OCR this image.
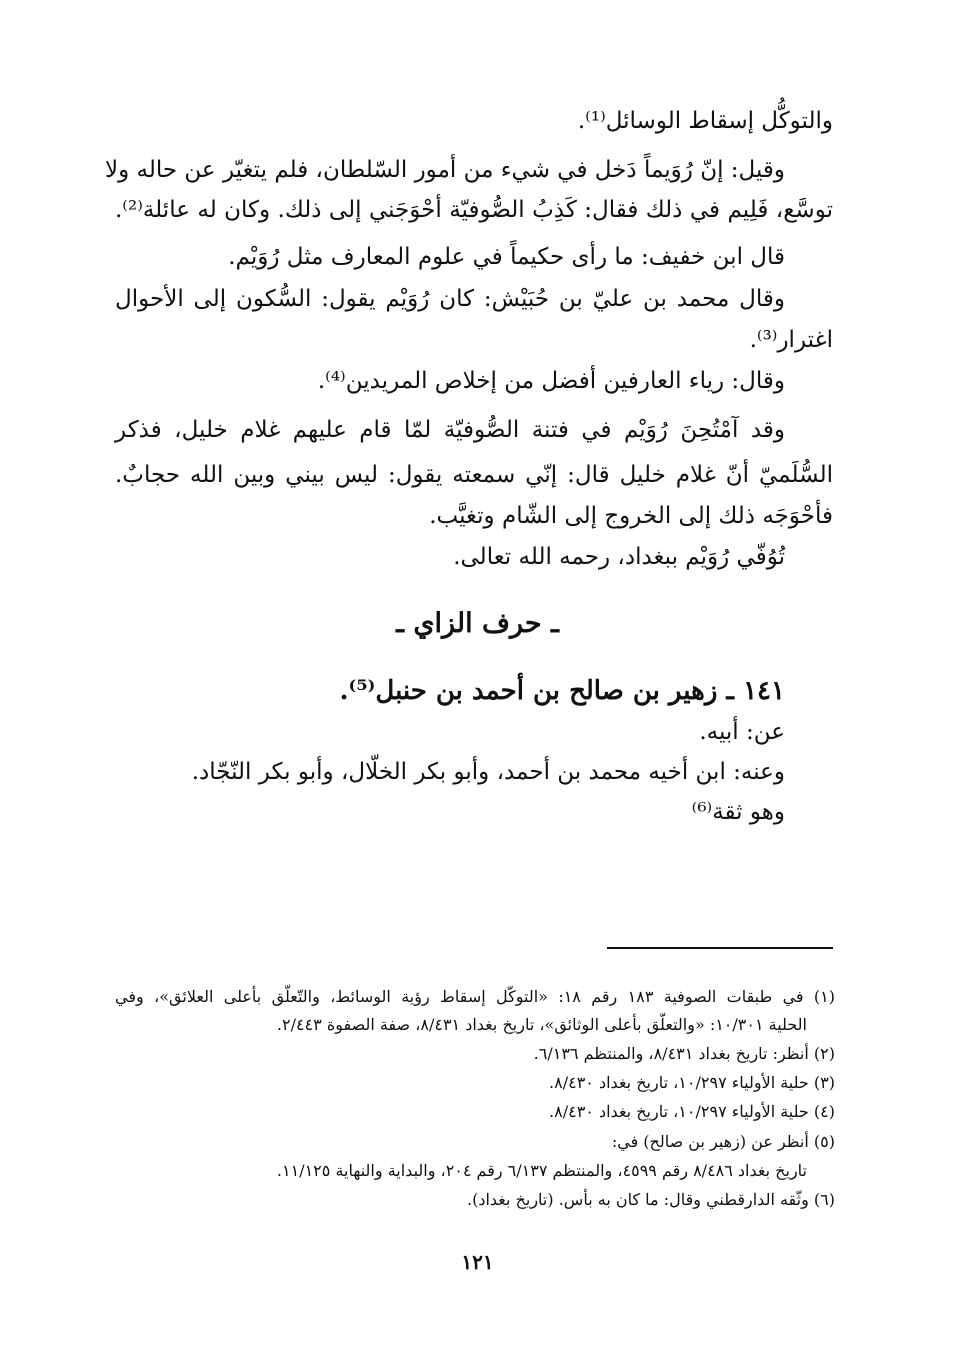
والتوكُّل إسقاط الوسائل⁽¹⁾.
وقيل: إنّ رُوَيماً دَخل في شيء من أمور السّلطان، فلم يتغيّر عن حاله ولا
توسَّع، فَلِيم في ذلك فقال: كَذِبُ الصُّوفيّة أحْوَجَني إلى ذلك. وكان له عائلة⁽²⁾.
قال ابن خفيف: ما رأى حكيماً في علوم المعارف مثل رُوَيْم.
وقال محمد بن عليّ بن حُبَيْش: كان رُوَيْم يقول: السُّكون إلى الأحوال
اغترار⁽³⁾.
وقال: رياء العارفين أفضل من إخلاص المريدين⁽⁴⁾.
وقد آمْتُحِنَ رُوَيْم في فتنة الصُّوفيّة لمّا قام عليهم غلام خليل، فذكر
السُّلَميّ أنّ غلام خليل قال: إنّي سمعته يقول: ليس بيني وبين الله حجابٌ.
فأحْوَجَه ذلك إلى الخروج إلى الشّام وتغيَّب.
تُوُفّي رُوَيْم ببغداد، رحمه الله تعالى.
ـ حرف الزاي ـ
١٤١ ـ زهير بن صالح بن أحمد بن حنبل⁽⁵⁾.
عن: أبيه.
وعنه: ابن أخيه محمد بن أحمد، وأبو بكر الخلّال، وأبو بكر النّجّاد.
وهو ثقة⁽⁶⁾
(١) في طبقات الصوفية ١٨٣ رقم ١٨: «التوكّل إسقاط رؤية الوسائط، والتّعلّق بأعلى العلائق»، وفي
الحلية ١٠/٣٠١: «والتعلّق بأعلى الوثائق»، تاريخ بغداد ٨/٤٣١، صفة الصفوة ٢/٤٤٣.
(٢) أنظر: تاريخ بغداد ٨/٤٣١، والمنتظم ٦/١٣٦.
(٣) حلية الأولياء ١٠/٢٩٧، تاريخ بغداد ٨/٤٣٠.
(٤) حلية الأولياء ١٠/٢٩٧، تاريخ بغداد ٨/٤٣٠.
(٥) أنظر عن (زهير بن صالح) في:
تاريخ بغداد ٨/٤٨٦ رقم ٤٥٩٩، والمنتظم ٦/١٣٧ رقم ٢٠٤، والبداية والنهاية ١١/١٢٥.
(٦) وثّقه الدارقطني وقال: ما كان به بأس. (تاريخ بغداد).
١٢١
